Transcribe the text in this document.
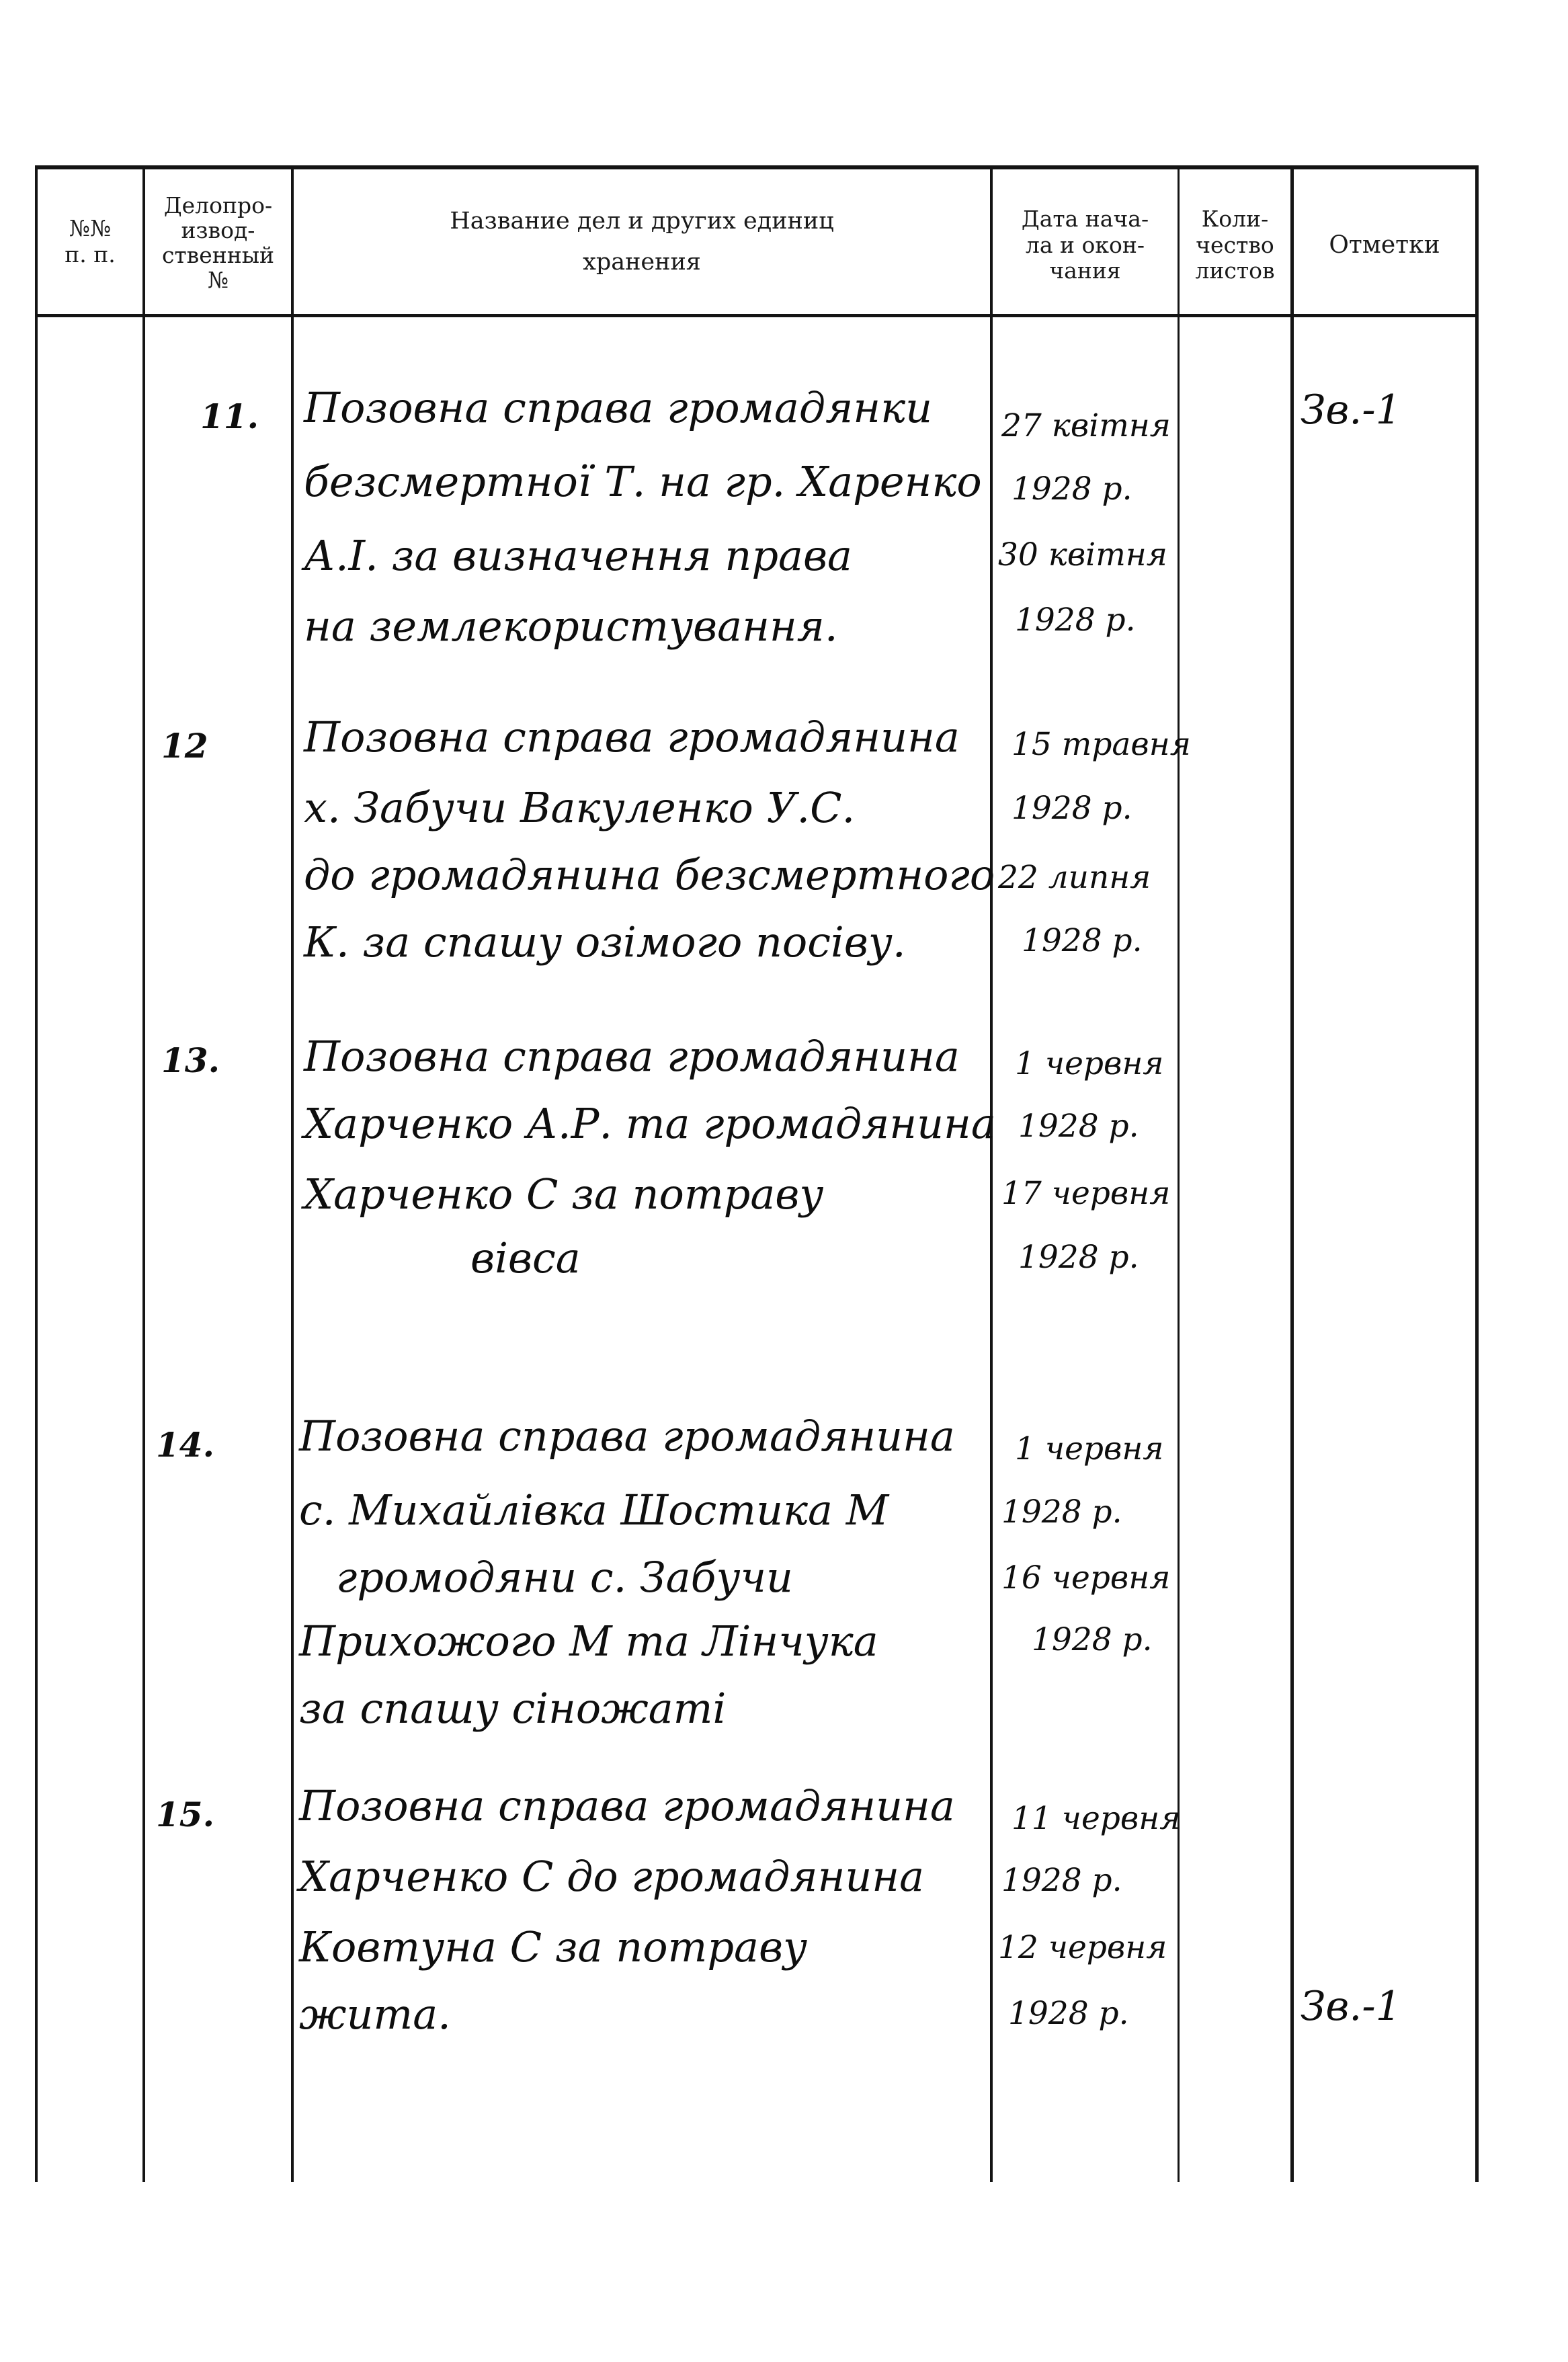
№№
п. п.
Делопро-
извод-
ственный
№
Название дел и других единиц
хранения
Дата нача-
ла и окон-
чания
Коли-
чество
листов
Отметки
11. Позовна справа громадянки
безсмертної Т. на гр. Харенко
А.І. за визначення права
на землекористування.
27 квітня
1928 р.
30 квітня
1928 р.
Зв.-1
12 Позовна справа громадянина
х. Забучи Вакуленко У.С.
до громадянина безсмертного
К. за спашу озімого посіву.
15 травня
1928 р.
22 липня
1928 р.
13. Позовна справа громадянина
Харченко А.Р. та громадянина
Харченко С за потраву
вівса
1 червня
1928 р.
17 червня
1928 р.
14. Позовна справа громадянина
с. Михайлівка Шостика М
громодяни с. Забучи
Прихожого М та Лінчука
за спашу сіножаті
1 червня
1928 р.
16 червня
1928 р.
15. Позовна справа громадянина
Харченко С до громадянина
Ковтуна С за потраву
жита.
11 червня
1928 р.
12 червня
1928 р.	Зв.-1
